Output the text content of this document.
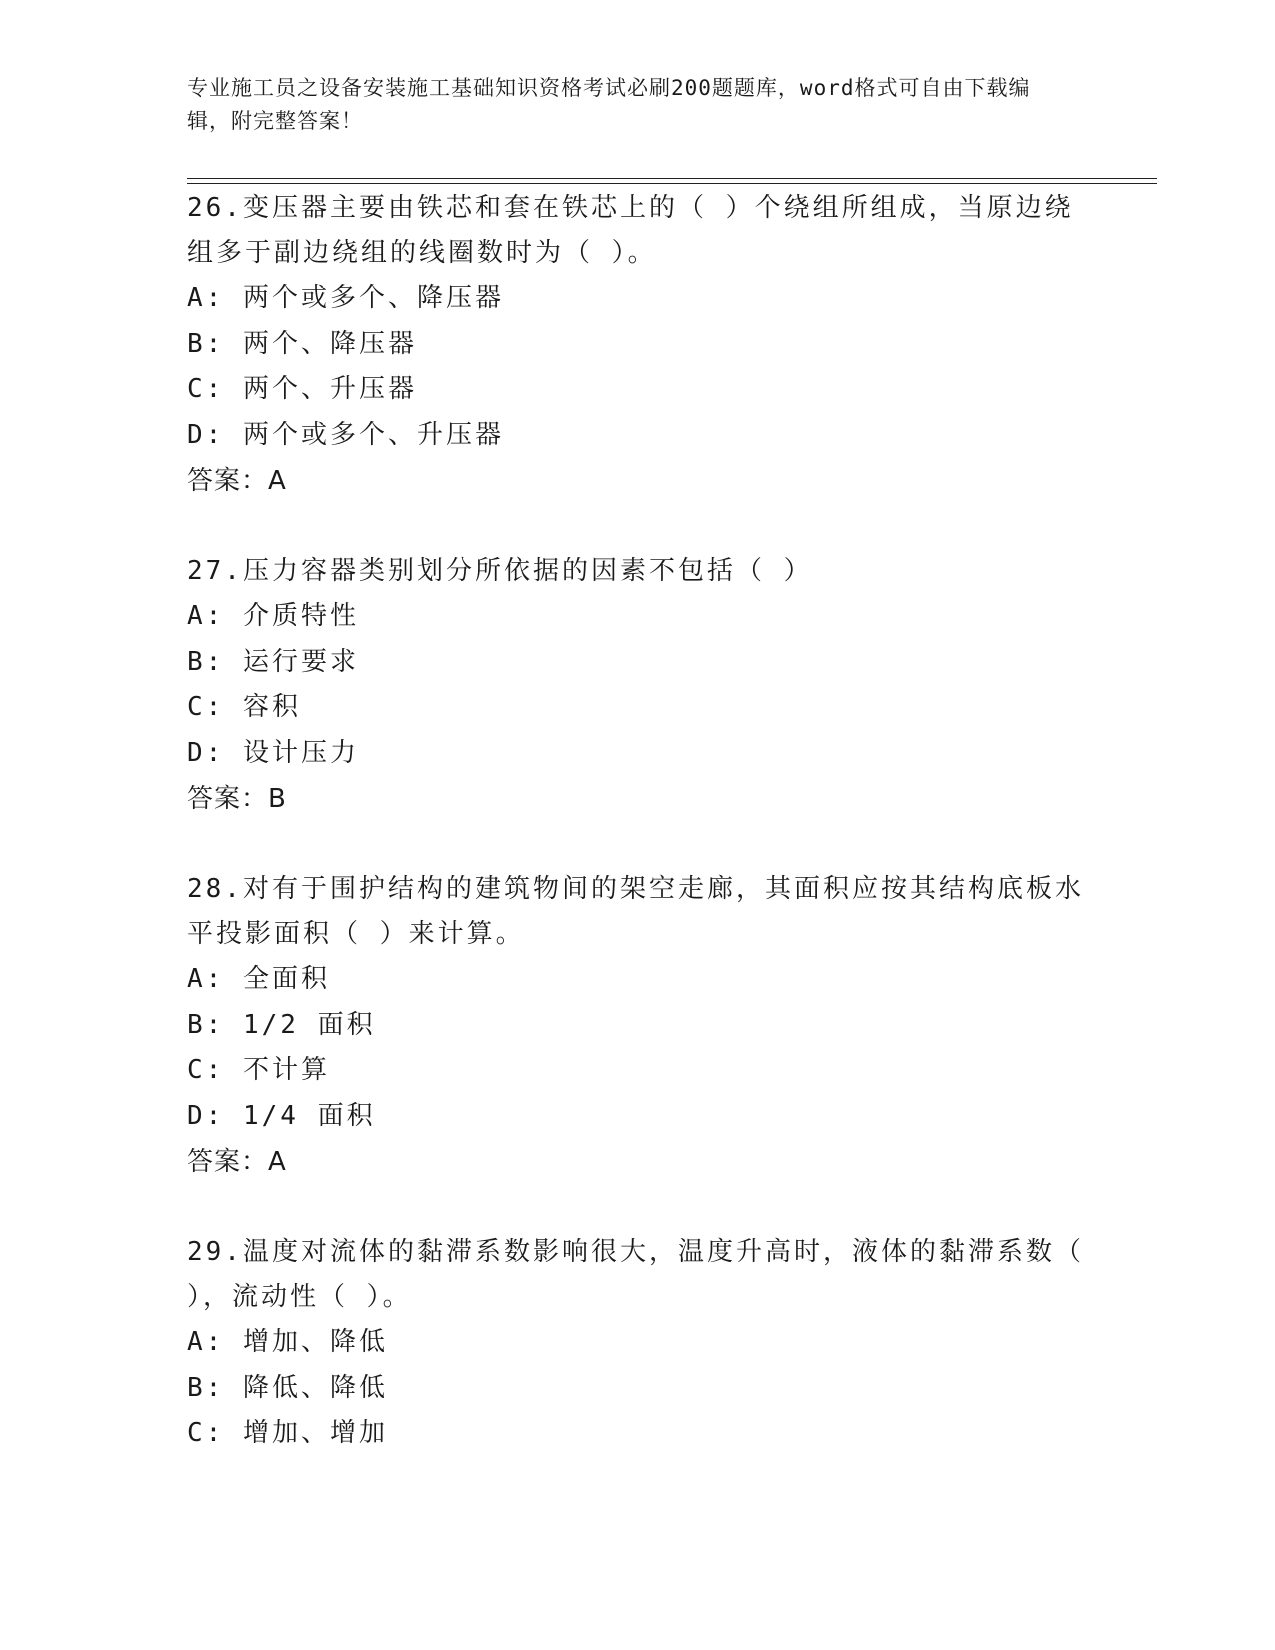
专业施工员之设备安装施工基础知识资格考试必刷200题题库，word格式可自由下载编辑，附完整答案！

26.变压器主要由铁芯和套在铁芯上的（ ）个绕组所组成，当原边绕组多于副边绕组的线圈数时为（ ）。

A : 两个或多个、降压器
B : 两个、降压器
C : 两个、升压器
D : 两个或多个、升压器

答案：A

27.压力容器类别划分所依据的因素不包括（ ）

A : 介质特性
B : 运行要求
C : 容积
D : 设计压力

答案：B

28.对有于围护结构的建筑物间的架空走廊，其面积应按其结构底板水平投影面积（ ）来计算。

A : 全面积
B : 1/2 面积
C : 不计算
D : 1/4 面积

答案：A

29.温度对流体的黏滞系数影响很大，温度升高时，液体的黏滞系数（ ），流动性（ ）。

A : 增加、降低
B : 降低、降低
C : 增加、增加
